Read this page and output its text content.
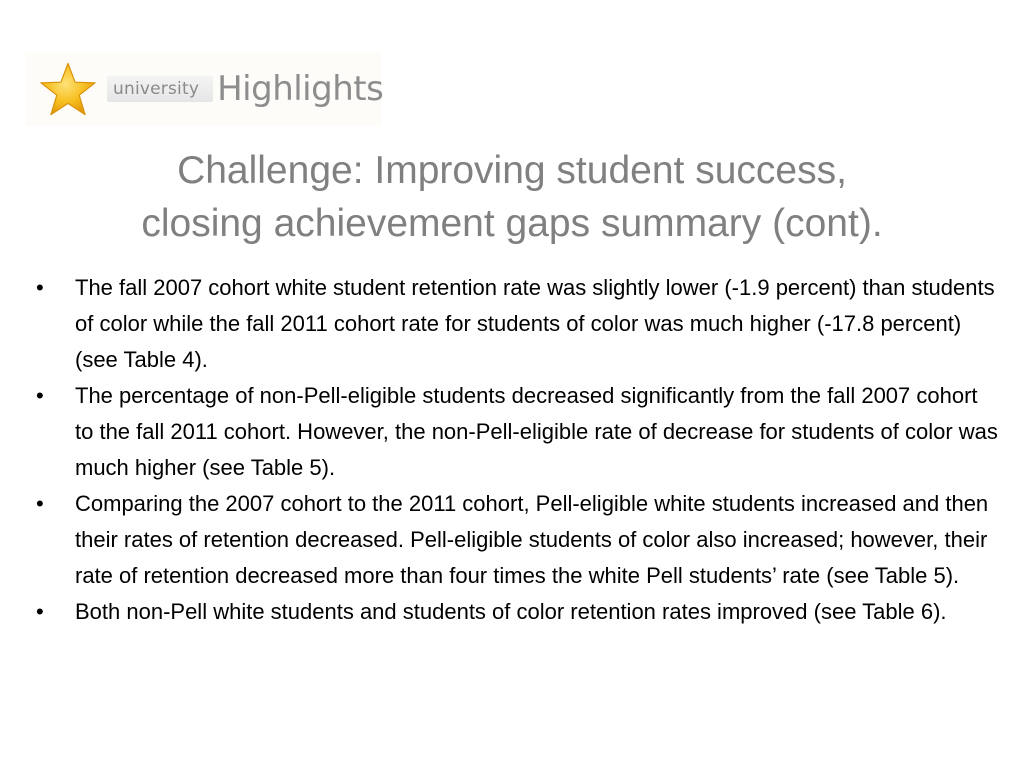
university Highlights
Challenge: Improving student success,
closing achievement gaps summary (cont).
• The fall 2007 cohort white student retention rate was slightly lower (-1.9 percent) than students of color while the fall 2011 cohort rate for students of color was much higher (-17.8 percent) (see Table 4).
• The percentage of non-Pell-eligible students decreased significantly from the fall 2007 cohort to the fall 2011 cohort. However, the non-Pell-eligible rate of decrease for students of color was much higher (see Table 5).
• Comparing the 2007 cohort to the 2011 cohort, Pell-eligible white students increased and then their rates of retention decreased. Pell-eligible students of color also increased; however, their rate of retention decreased more than four times the white Pell students’ rate (see Table 5).
• Both non-Pell white students and students of color retention rates improved (see Table 6).
